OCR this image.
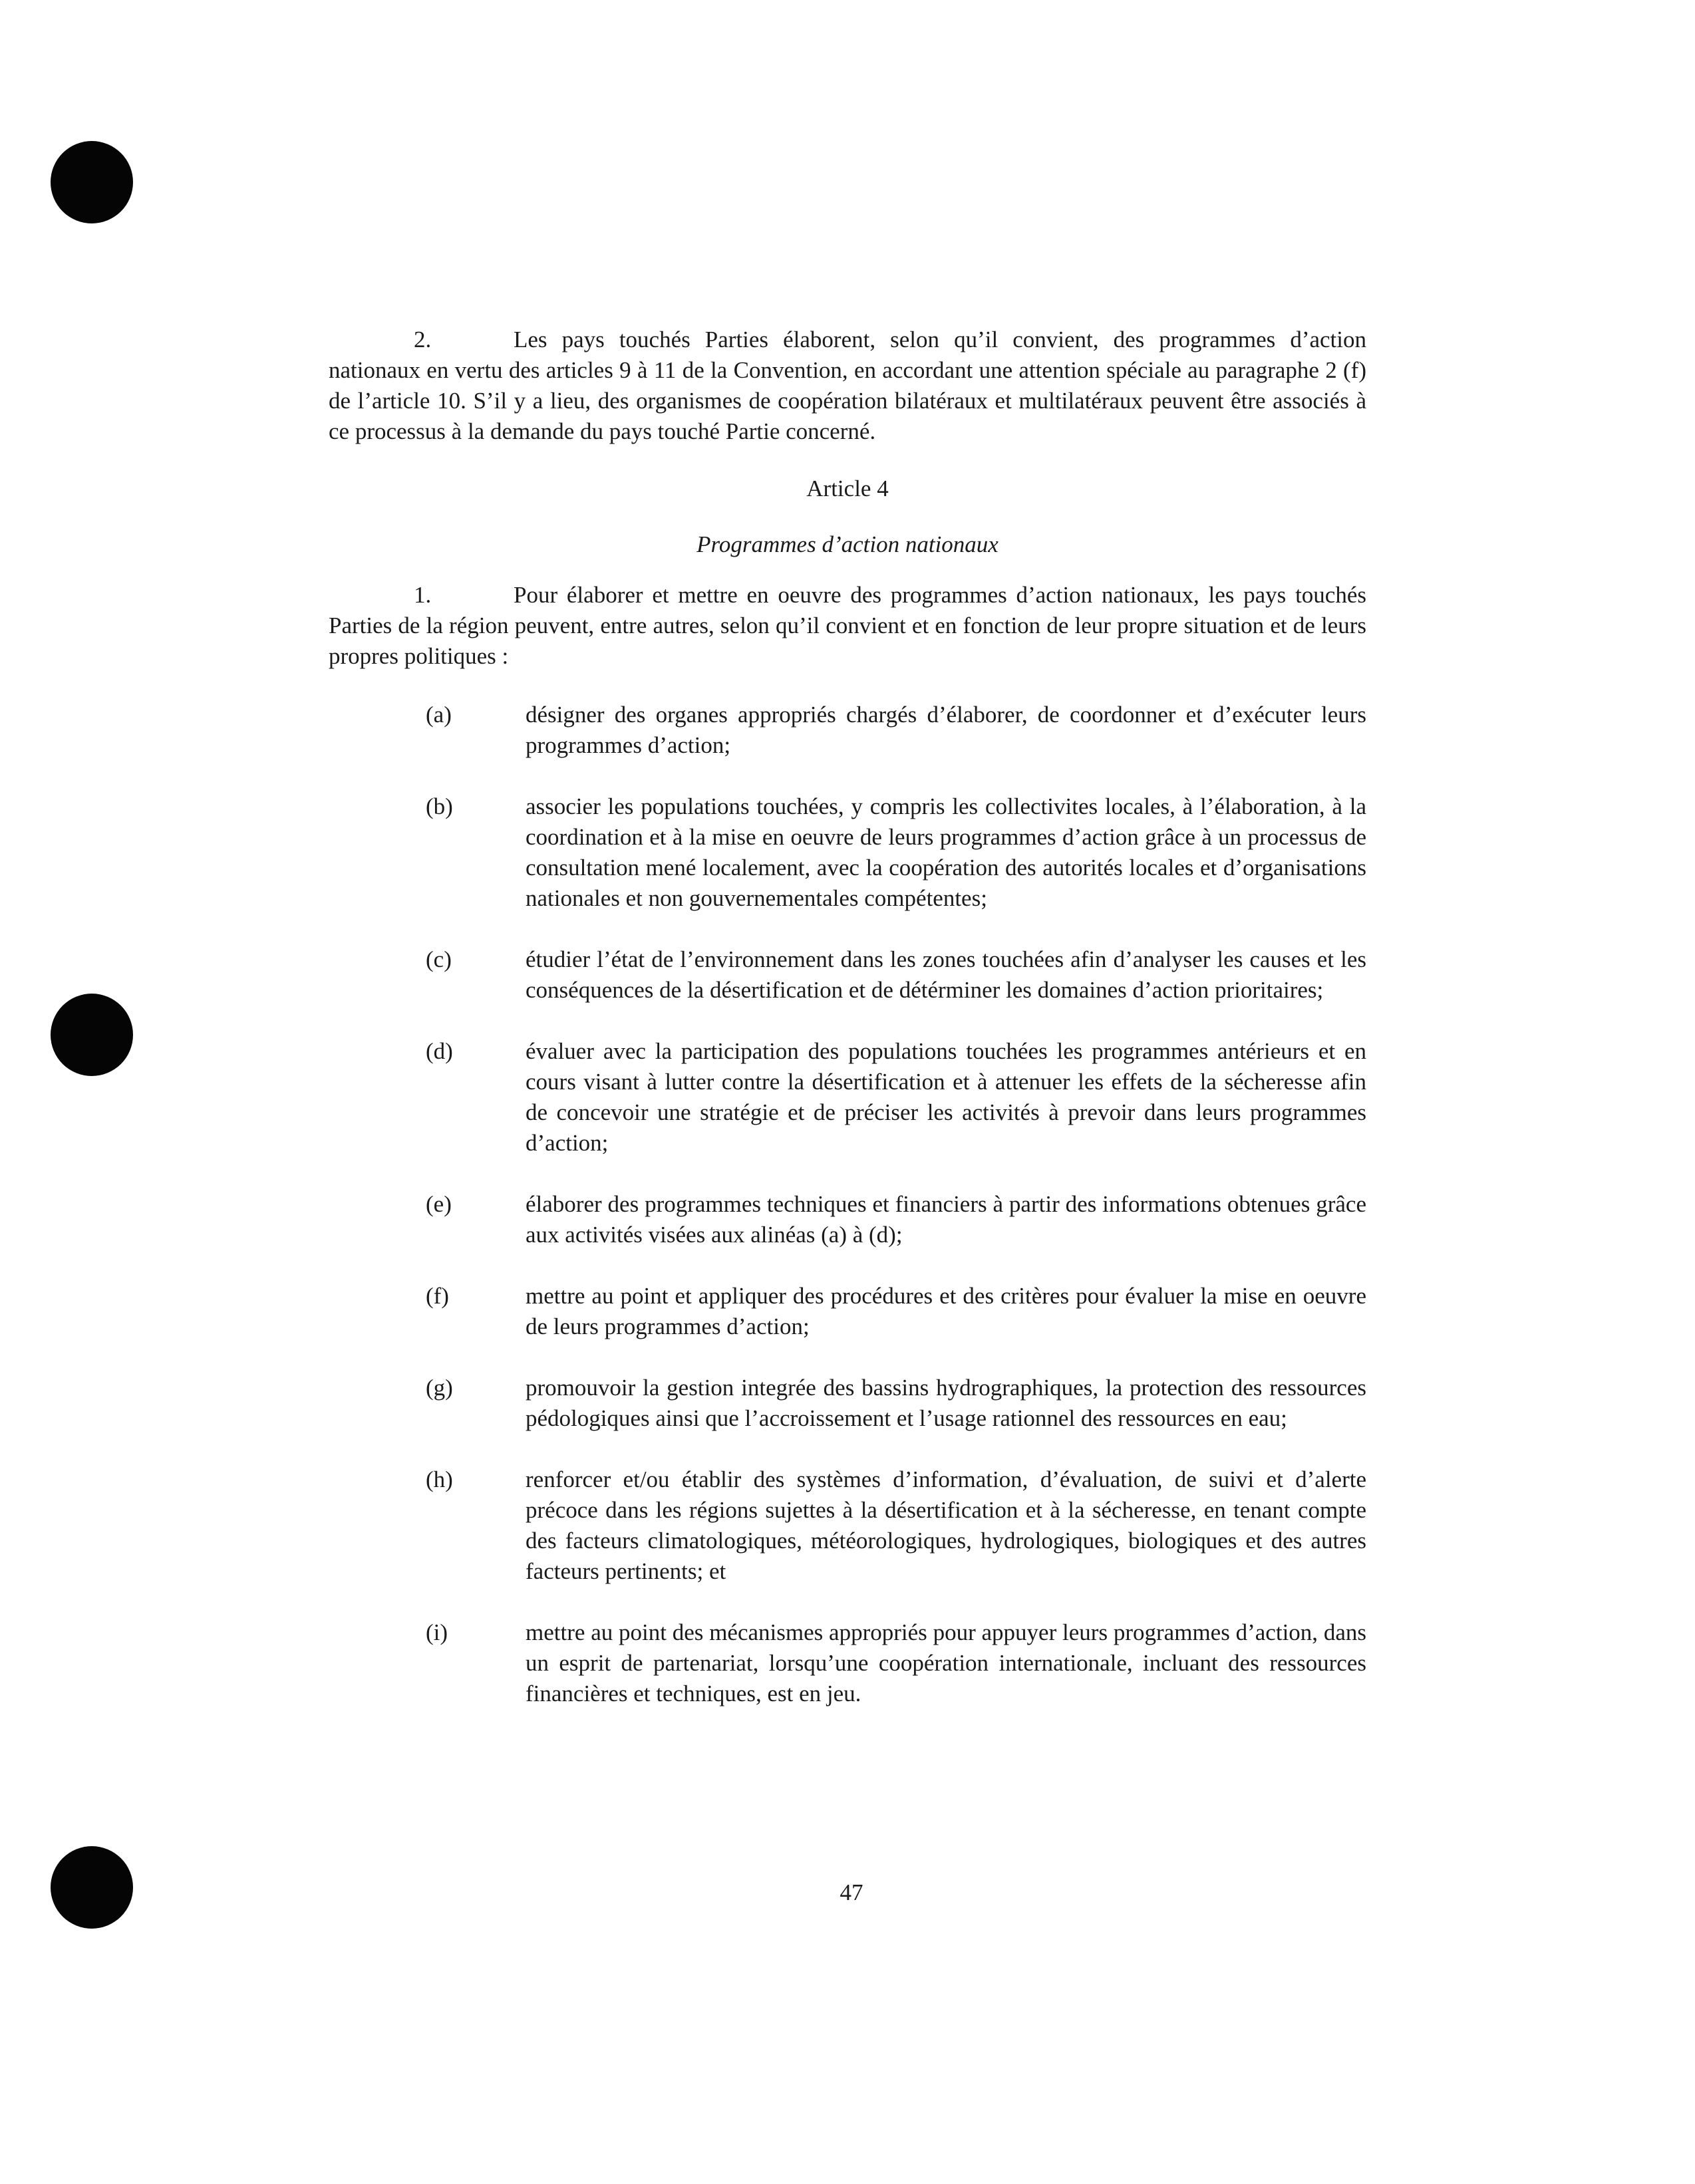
2.	Les pays touchés Parties élaborent, selon qu’il convient, des programmes d’action nationaux en vertu des articles 9 à 11 de la Convention, en accordant une attention spéciale au paragraphe 2 (f) de l’article 10. S’il y a lieu, des organismes de coopération bilatéraux et multilatéraux peuvent être associés à ce processus à la demande du pays touché Partie concerné.

Article 4

Programmes d’action nationaux

1.	Pour élaborer et mettre en oeuvre des programmes d’action nationaux, les pays touchés Parties de la région peuvent, entre autres, selon qu’il convient et en fonction de leur propre situation et de leurs propres politiques :

(a)	désigner des organes appropriés chargés d’élaborer, de coordonner et d’exécuter leurs programmes d’action;
(b)	associer les populations touchées, y compris les collectivites locales, à l’élaboration, à la coordination et à la mise en oeuvre de leurs programmes d’action grâce à un processus de consultation mené localement, avec la coopération des autorités locales et d’organisations nationales et non gouvernementales compétentes;
(c)	étudier l’état de l’environnement dans les zones touchées afin d’analyser les causes et les conséquences de la désertification et de détérminer les domaines d’action prioritaires;
(d)	évaluer avec la participation des populations touchées les programmes antérieurs et en cours visant à lutter contre la désertification et à attenuer les effets de la sécheresse afin de concevoir une stratégie et de préciser les activités à prevoir dans leurs programmes d’action;
(e)	élaborer des programmes techniques et financiers à partir des informations obtenues grâce aux activités visées aux alinéas (a) à (d);
(f)	mettre au point et appliquer des procédures et des critères pour évaluer la mise en oeuvre de leurs programmes d’action;
(g)	promouvoir la gestion integrée des bassins hydrographiques, la protection des ressources pédologiques ainsi que l’accroissement et l’usage rationnel des ressources en eau;
(h)	renforcer et/ou établir des systèmes d’information, d’évaluation, de suivi et d’alerte précoce dans les régions sujettes à la désertification et à la sécheresse, en tenant compte des facteurs climatologiques, météorologiques, hydrologiques, biologiques et des autres facteurs pertinents; et
(i)	mettre au point des mécanismes appropriés pour appuyer leurs programmes d’action, dans un esprit de partenariat, lorsqu’une coopération internationale, incluant des ressources financières et techniques, est en jeu.
47
